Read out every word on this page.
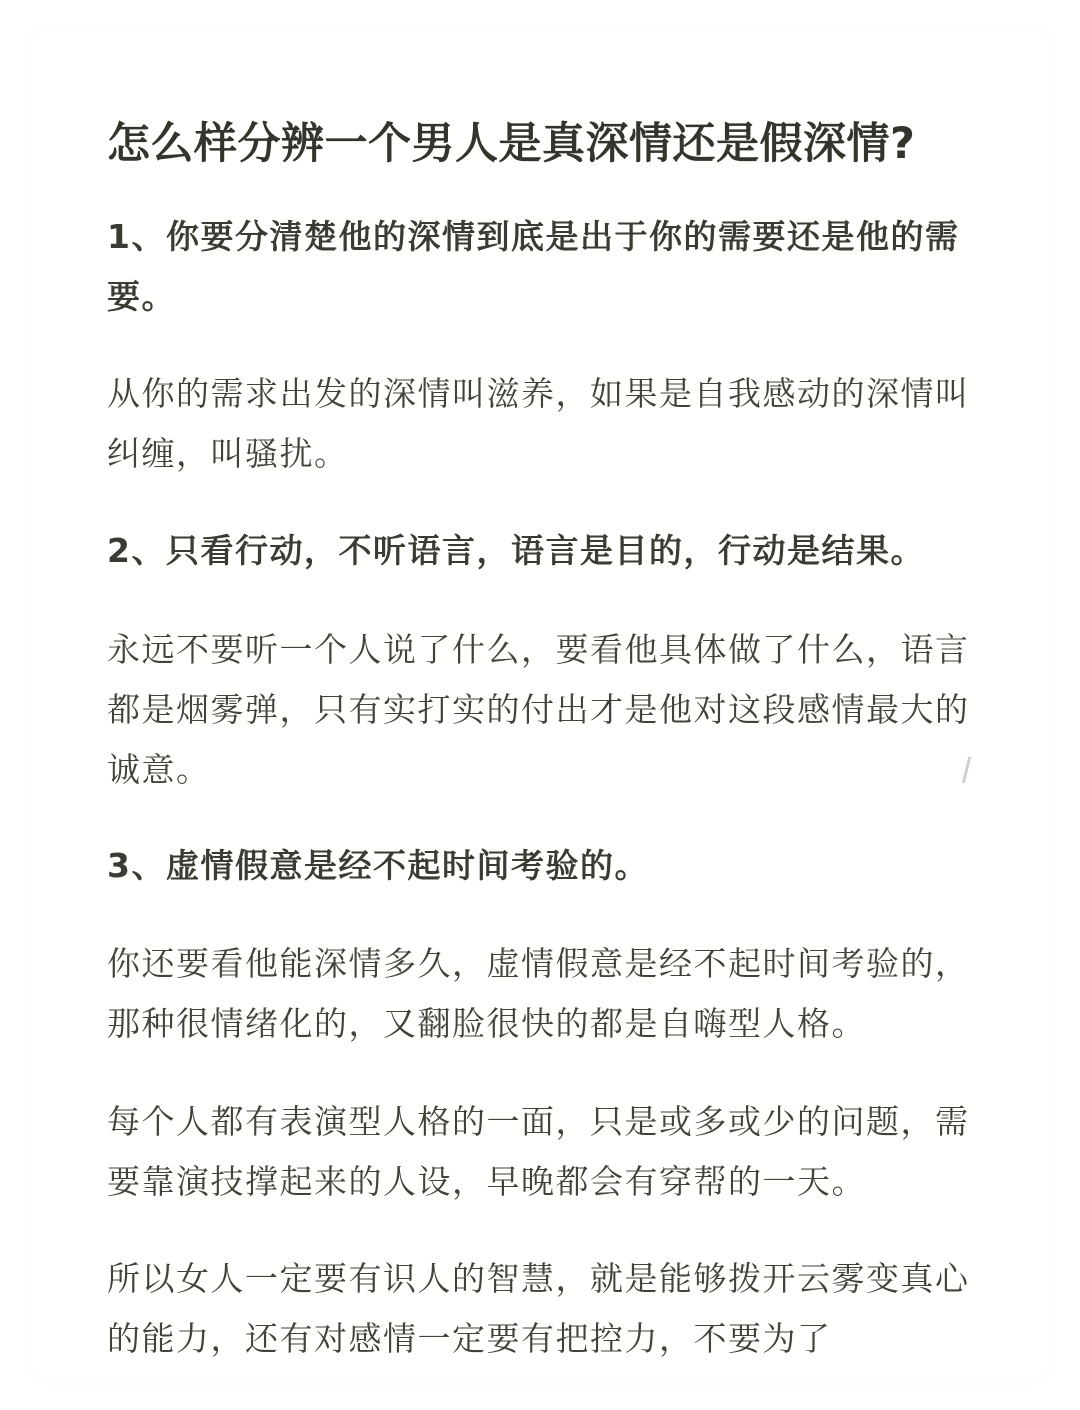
怎么样分辨一个男人是真深情还是假深情?

1、你要分清楚他的深情到底是出于你的需要还是他的需要。

从你的需求出发的深情叫滋养，如果是自我感动的深情叫纠缠，叫骚扰。

2、只看行动，不听语言，语言是目的，行动是结果。

永远不要听一个人说了什么，要看他具体做了什么，语言都是烟雾弹，只有实打实的付出才是他对这段感情最大的诚意。

3、虚情假意是经不起时间考验的。

你还要看他能深情多久，虚情假意是经不起时间考验的，那种很情绪化的，又翻脸很快的都是自嗨型人格。

每个人都有表演型人格的一面，只是或多或少的问题，需要靠演技撑起来的人设，早晚都会有穿帮的一天。

所以女人一定要有识人的智慧，就是能够拨开云雾变真心的能力，还有对感情一定要有把控力，不要为了
